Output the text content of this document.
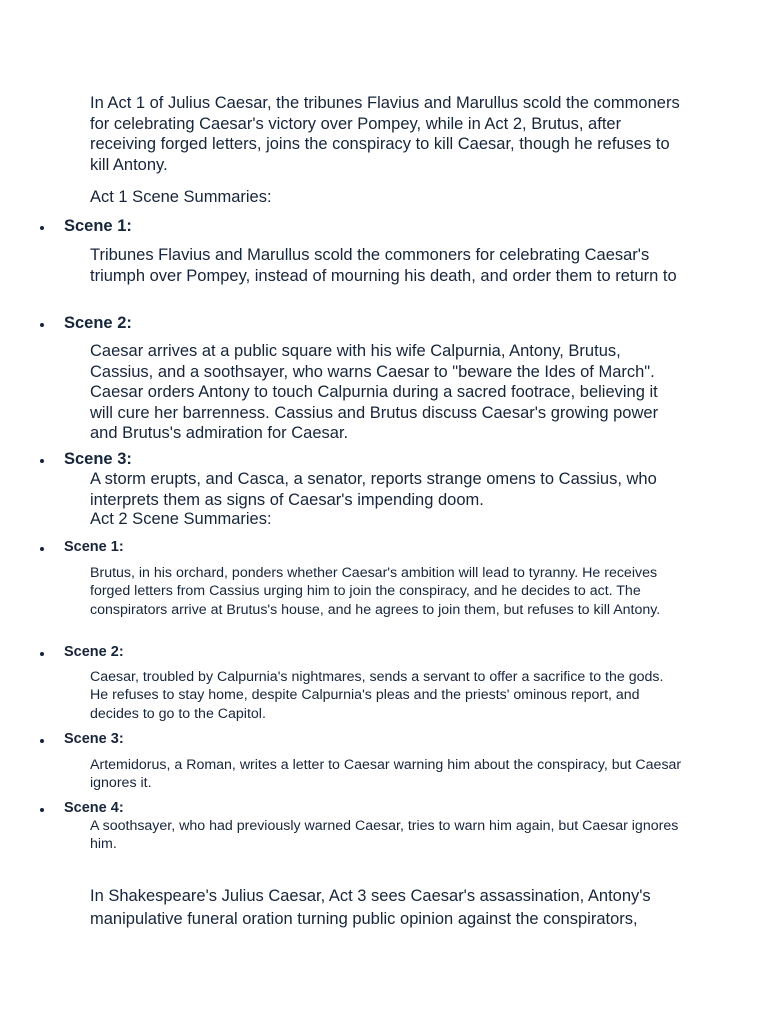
In Act 1 of Julius Caesar, the tribunes Flavius and Marullus scold the commoners for celebrating Caesar's victory over Pompey, while in Act 2, Brutus, after receiving forged letters, joins the conspiracy to kill Caesar, though he refuses to kill Antony.

Act 1 Scene Summaries:

Scene 1:

Tribunes Flavius and Marullus scold the commoners for celebrating Caesar's triumph over Pompey, instead of mourning his death, and order them to return to

Scene 2:

Caesar arrives at a public square with his wife Calpurnia, Antony, Brutus, Cassius, and a soothsayer, who warns Caesar to "beware the Ides of March". Caesar orders Antony to touch Calpurnia during a sacred footrace, believing it will cure her barrenness. Cassius and Brutus discuss Caesar's growing power and Brutus's admiration for Caesar.

Scene 3:

A storm erupts, and Casca, a senator, reports strange omens to Cassius, who interprets them as signs of Caesar's impending doom.

Act 2 Scene Summaries:

Scene 1:

Brutus, in his orchard, ponders whether Caesar's ambition will lead to tyranny. He receives forged letters from Cassius urging him to join the conspiracy, and he decides to act. The conspirators arrive at Brutus's house, and he agrees to join them, but refuses to kill Antony.

Scene 2:

Caesar, troubled by Calpurnia's nightmares, sends a servant to offer a sacrifice to the gods. He refuses to stay home, despite Calpurnia's pleas and the priests' ominous report, and decides to go to the Capitol.

Scene 3:

Artemidorus, a Roman, writes a letter to Caesar warning him about the conspiracy, but Caesar ignores it.

Scene 4:

A soothsayer, who had previously warned Caesar, tries to warn him again, but Caesar ignores him.

In Shakespeare's Julius Caesar, Act 3 sees Caesar's assassination, Antony's manipulative funeral oration turning public opinion against the conspirators,
